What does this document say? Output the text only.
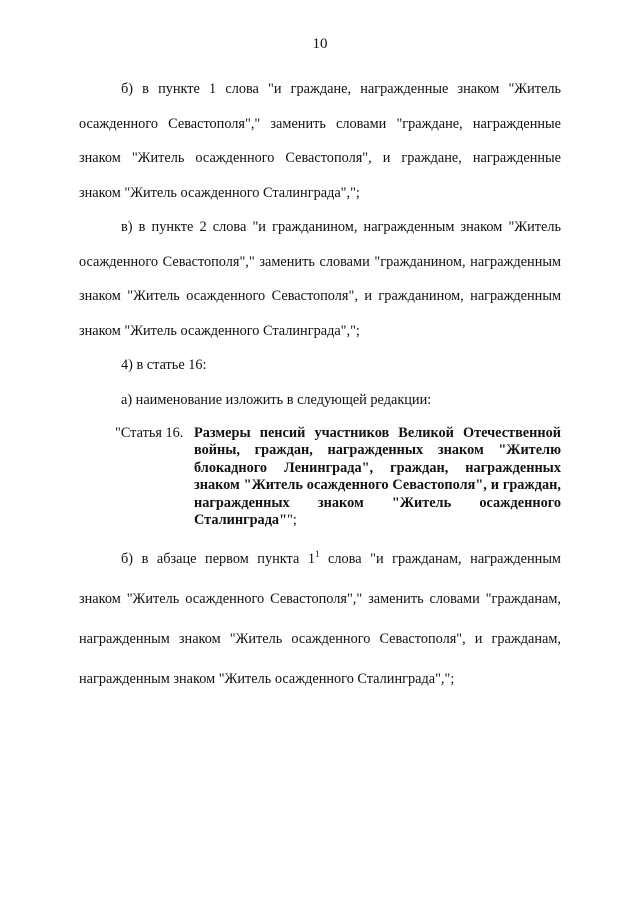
10

б) в пункте 1 слова "и граждане, награжденные знаком "Житель осажденного Севастополя"," заменить словами "граждане, награжденные знаком "Житель осажденного Севастополя", и граждане, награжденные знаком "Житель осажденного Сталинграда",";

в) в пункте 2 слова "и гражданином, награжденным знаком "Житель осажденного Севастополя"," заменить словами "гражданином, награжденным знаком "Житель осажденного Севастополя", и гражданином, награжденным знаком "Житель осажденного Сталинграда",";

4) в статье 16:

а) наименование изложить в следующей редакции:

"Статья 16. Размеры пенсий участников Великой Отечественной войны, граждан, награжденных знаком "Жителю блокадного Ленинграда", граждан, награжденных знаком "Житель осажденного Севастополя", и граждан, награжденных знаком "Житель осажденного Сталинграда"";

б) в абзаце первом пункта $1^1$ слова "и гражданам, награжденным знаком "Житель осажденного Севастополя"," заменить словами "гражданам, награжденным знаком "Житель осажденного Севастополя", и гражданам, награжденным знаком "Житель осажденного Сталинграда",";
